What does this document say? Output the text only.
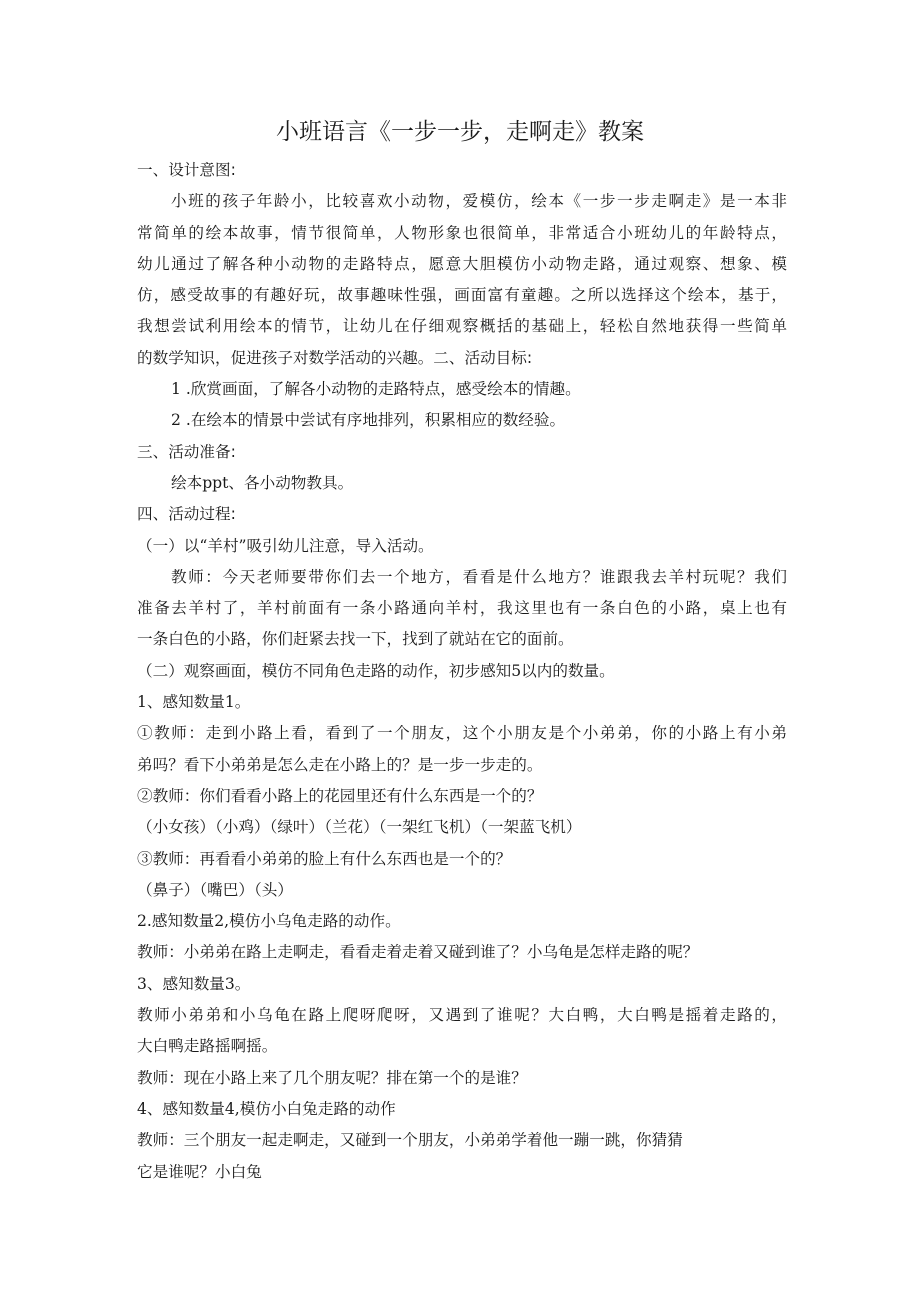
小班语言《一步一步，走啊走》教案
一、设计意图:
小班的孩子年龄小，比较喜欢小动物，爱模仿，绘本《一步一步走啊走》是一本非
常简单的绘本故事，情节很简单，人物形象也很简单，非常适合小班幼儿的年龄特点，
幼儿通过了解各种小动物的走路特点，愿意大胆模仿小动物走路，通过观察、想象、模
仿，感受故事的有趣好玩，故事趣味性强，画面富有童趣。之所以选择这个绘本，基于，
我想尝试利用绘本的情节，让幼儿在仔细观察概括的基础上，轻松自然地获得一些简单
的数学知识，促进孩子对数学活动的兴趣。二、活动目标:
1 .欣赏画面，了解各小动物的走路特点，感受绘本的情趣。
2 .在绘本的情景中尝试有序地排列，积累相应的数经验。
三、活动准备:
绘本ppt、各小动物教具。
四、活动过程:
（一）以“羊村”吸引幼儿注意，导入活动。
教师：今天老师要带你们去一个地方，看看是什么地方？谁跟我去羊村玩呢？我们
准备去羊村了，羊村前面有一条小路通向羊村，我这里也有一条白色的小路，桌上也有
一条白色的小路，你们赶紧去找一下，找到了就站在它的面前。
（二）观察画面，模仿不同角色走路的动作，初步感知5以内的数量。
1、感知数量1。
①教师：走到小路上看，看到了一个朋友，这个小朋友是个小弟弟，你的小路上有小弟
弟吗？看下小弟弟是怎么走在小路上的？是一步一步走的。
②教师：你们看看小路上的花园里还有什么东西是一个的？
（小女孩）（小鸡）（绿叶）（兰花）（一架红飞机）（一架蓝飞机）
③教师：再看看小弟弟的脸上有什么东西也是一个的？
（鼻子）（嘴巴）（头）
2.感知数量2,模仿小乌龟走路的动作。
教师：小弟弟在路上走啊走，看看走着走着又碰到谁了？小乌龟是怎样走路的呢？
3、感知数量3。
教师小弟弟和小乌龟在路上爬呀爬呀，又遇到了谁呢？大白鸭，大白鸭是摇着走路的，
大白鸭走路摇啊摇。
教师：现在小路上来了几个朋友呢？排在第一个的是谁？
4、感知数量4,模仿小白兔走路的动作
教师：三个朋友一起走啊走，又碰到一个朋友，小弟弟学着他一蹦一跳，你猜猜
它是谁呢？小白兔
